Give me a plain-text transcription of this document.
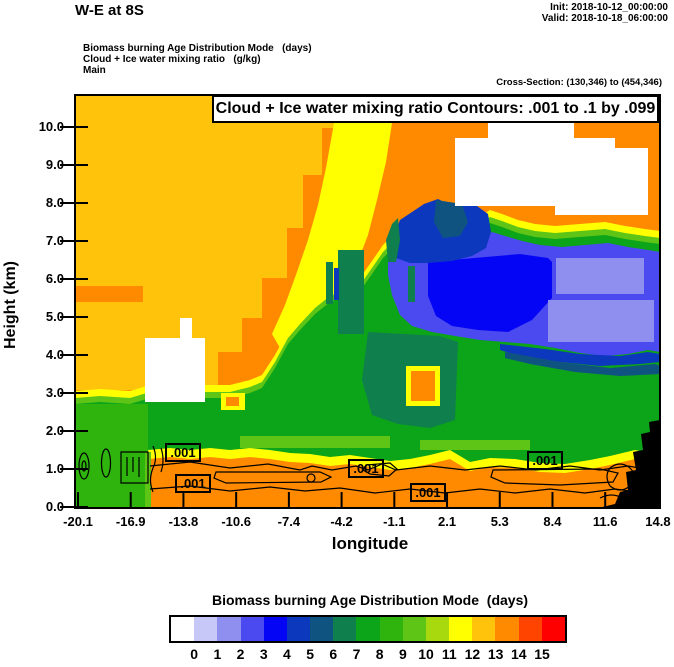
W-E at 8S	Init: 2018-10-12_00:00:00
Valid: 2018-10-18_06:00:00
Biomass burning Age Distribution Mode   (days)
Cloud + Ice water mixing ratio   (g/kg)
Main
Cross-Section: (130,346) to (454,346)
Cloud + Ice water mixing ratio Contours: .001 to .1 by .099
Height (km)
longitude
Biomass burning Age Distribution Mode  (days)
0.0
1.0
2.0
3.0
4.0
5.0
6.0
7.0
8.0
9.0
10.0
-20.1	-16.9	-13.8	-10.6	-7.4	-4.2	-1.1	2.1	5.3	8.4	11.6	14.8
0	1	2	3	4	5	6	7	8	9 10 11 12 13 14 15
.001
.001
.001
.001
.001
